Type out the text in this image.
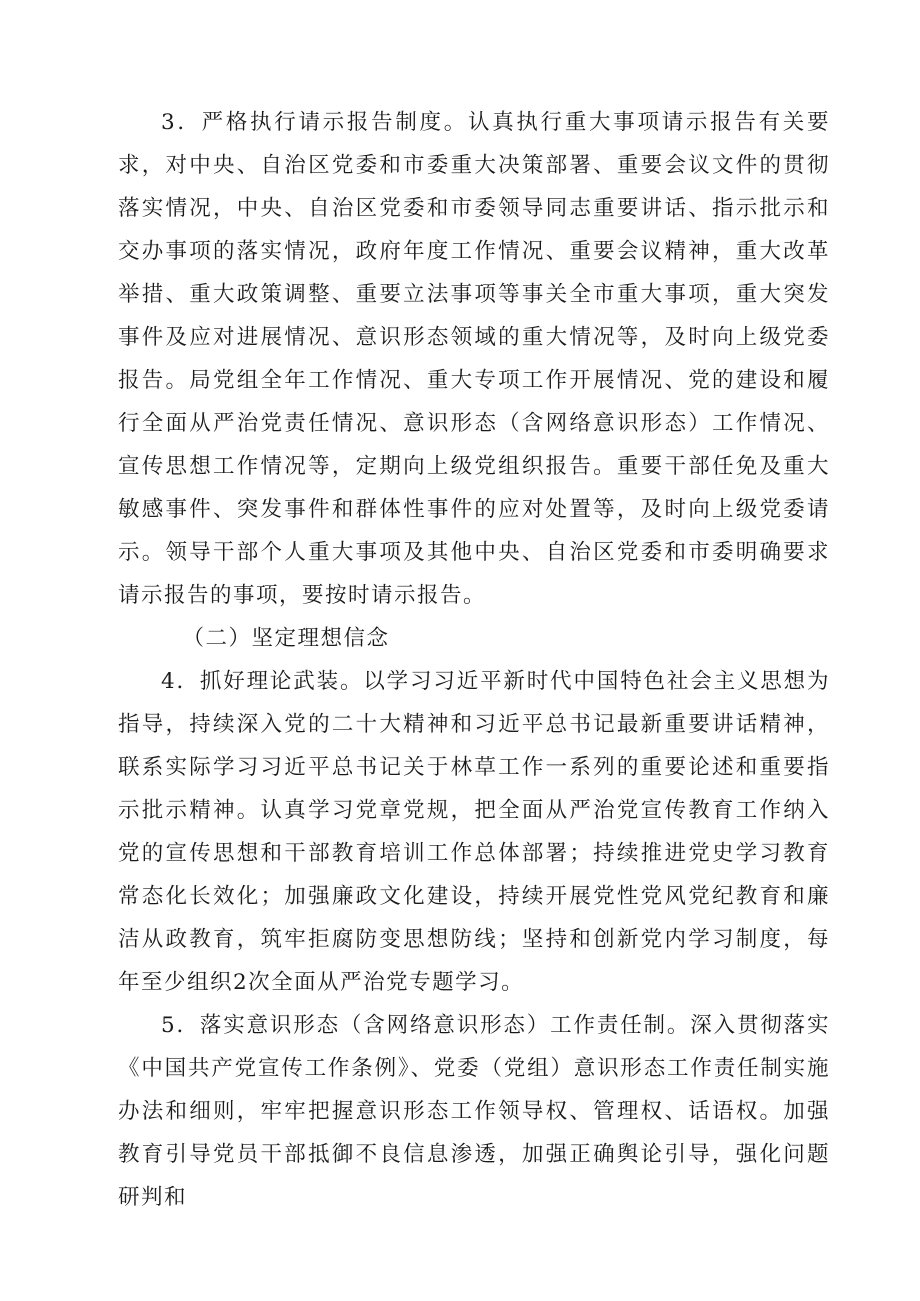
3．严格执行请示报告制度。认真执行重大事项请示报告有关要求，对中央、自治区党委和市委重大决策部署、重要会议文件的贯彻落实情况，中央、自治区党委和市委领导同志重要讲话、指示批示和交办事项的落实情况，政府年度工作情况、重要会议精神，重大改革举措、重大政策调整、重要立法事项等事关全市重大事项，重大突发事件及应对进展情况、意识形态领域的重大情况等，及时向上级党委报告。局党组全年工作情况、重大专项工作开展情况、党的建设和履行全面从严治党责任情况、意识形态（含网络意识形态）工作情况、宣传思想工作情况等，定期向上级党组织报告。重要干部任免及重大敏感事件、突发事件和群体性事件的应对处置等，及时向上级党委请示。领导干部个人重大事项及其他中央、自治区党委和市委明确要求请示报告的事项，要按时请示报告。

（二）坚定理想信念

4．抓好理论武装。以学习习近平新时代中国特色社会主义思想为指导，持续深入党的二十大精神和习近平总书记最新重要讲话精神，联系实际学习习近平总书记关于林草工作一系列的重要论述和重要指示批示精神。认真学习党章党规，把全面从严治党宣传教育工作纳入党的宣传思想和干部教育培训工作总体部署；持续推进党史学习教育常态化长效化；加强廉政文化建设，持续开展党性党风党纪教育和廉洁从政教育，筑牢拒腐防变思想防线；坚持和创新党内学习制度，每年至少组织2次全面从严治党专题学习。

5．落实意识形态（含网络意识形态）工作责任制。深入贯彻落实《中国共产党宣传工作条例》、党委（党组）意识形态工作责任制实施办法和细则，牢牢把握意识形态工作领导权、管理权、话语权。加强教育引导党员干部抵御不良信息渗透，加强正确舆论引导，强化问题研判和
